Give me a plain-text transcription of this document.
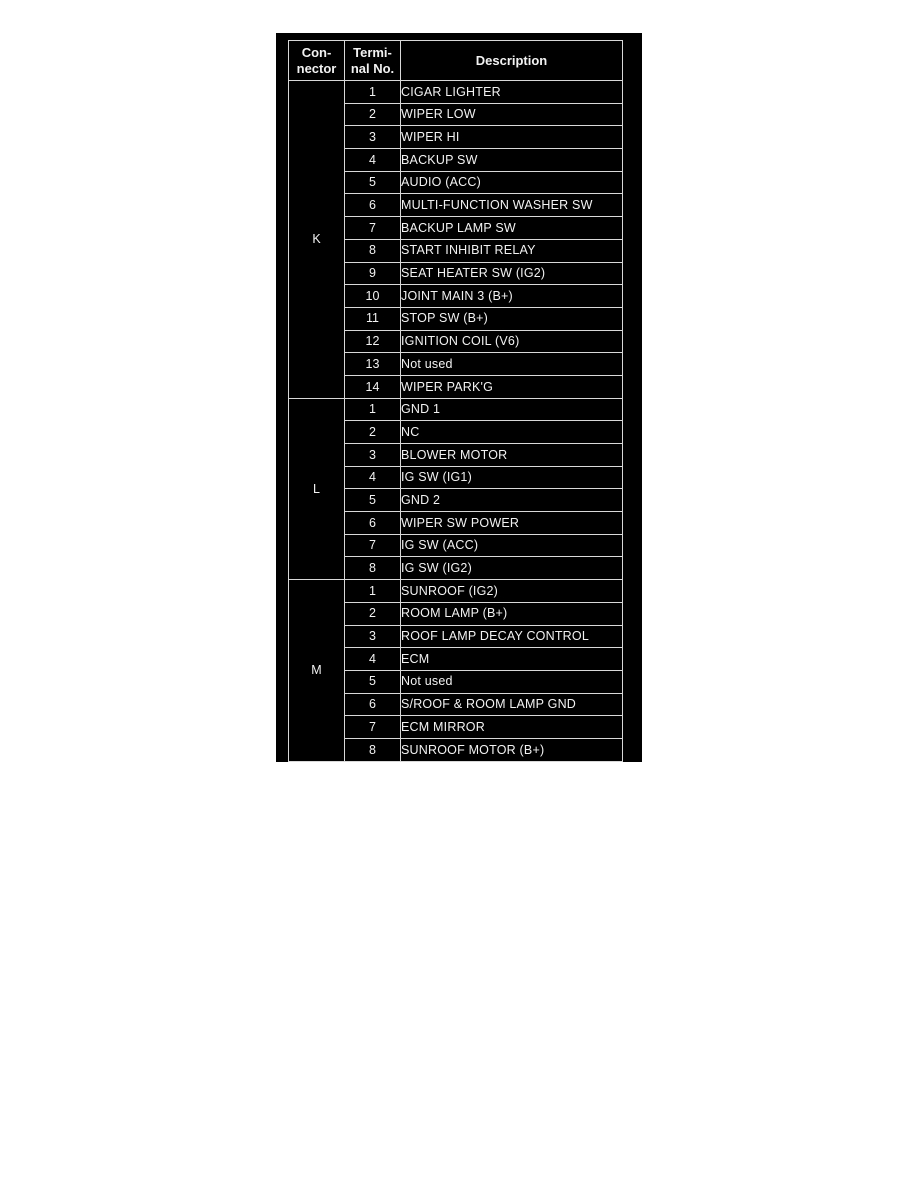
Con- nector	Termi- nal No.	Description
K	1	CIGAR LIGHTER
	2	WIPER LOW
	3	WIPER HI
	4	BACKUP SW
	5	AUDIO (ACC)
	6	MULTI-FUNCTION WASHER SW
	7	BACKUP LAMP SW
	8	START INHIBIT RELAY
	9	SEAT HEATER SW (IG2)
	10	JOINT MAIN 3 (B+)
	11	STOP SW (B+)
	12	IGNITION COIL (V6)
	13	Not used
	14	WIPER PARK'G
L	1	GND 1
	2	NC
	3	BLOWER MOTOR
	4	IG SW (IG1)
	5	GND 2
	6	WIPER SW POWER
	7	IG SW (ACC)
	8	IG SW (IG2)
M	1	SUNROOF (IG2)
	2	ROOM LAMP (B+)
	3	ROOF LAMP DECAY CONTROL
	4	ECM
	5	Not used
	6	S/ROOF & ROOM LAMP GND
	7	ECM MIRROR
	8	SUNROOF MOTOR (B+)
